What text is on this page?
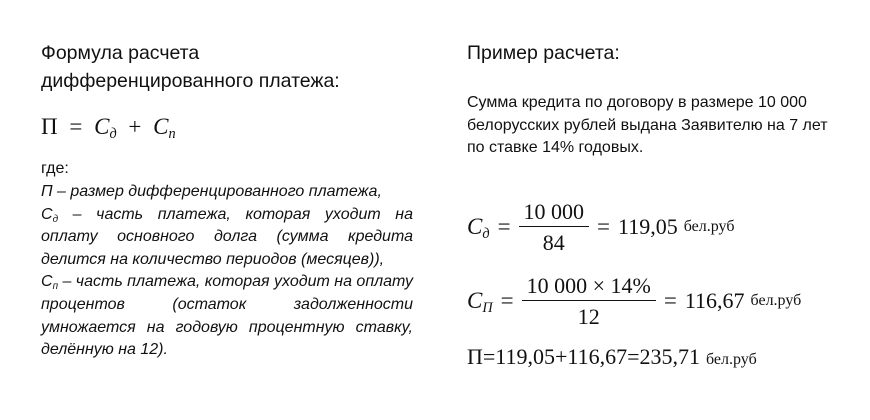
Формула расчета дифференцированного платежа:
$П = С_д + С_п$
где:

П – размер дифференцированного платежа,

$С_д$ – часть платежа, которая уходит на оплату основного долга (сумма кредита делится на количество периодов (месяцев)),

$С_п$ – часть платежа, которая уходит на оплату процентов (остаток задолженности умножается на годовую процентную ставку, делённую на 12).

Пример расчета:

Сумма кредита по договору в размере 10 000 белорусских рублей выдана Заявителю на 7 лет по ставке 14% годовых.

$С_д = \frac{10 000}{84} = 119,05$ бел.руб
$С_П = \frac{10 000 \times 14\%}{12} = 116,67$ бел.руб
П=119,05+116,67=235,71 бел.руб
